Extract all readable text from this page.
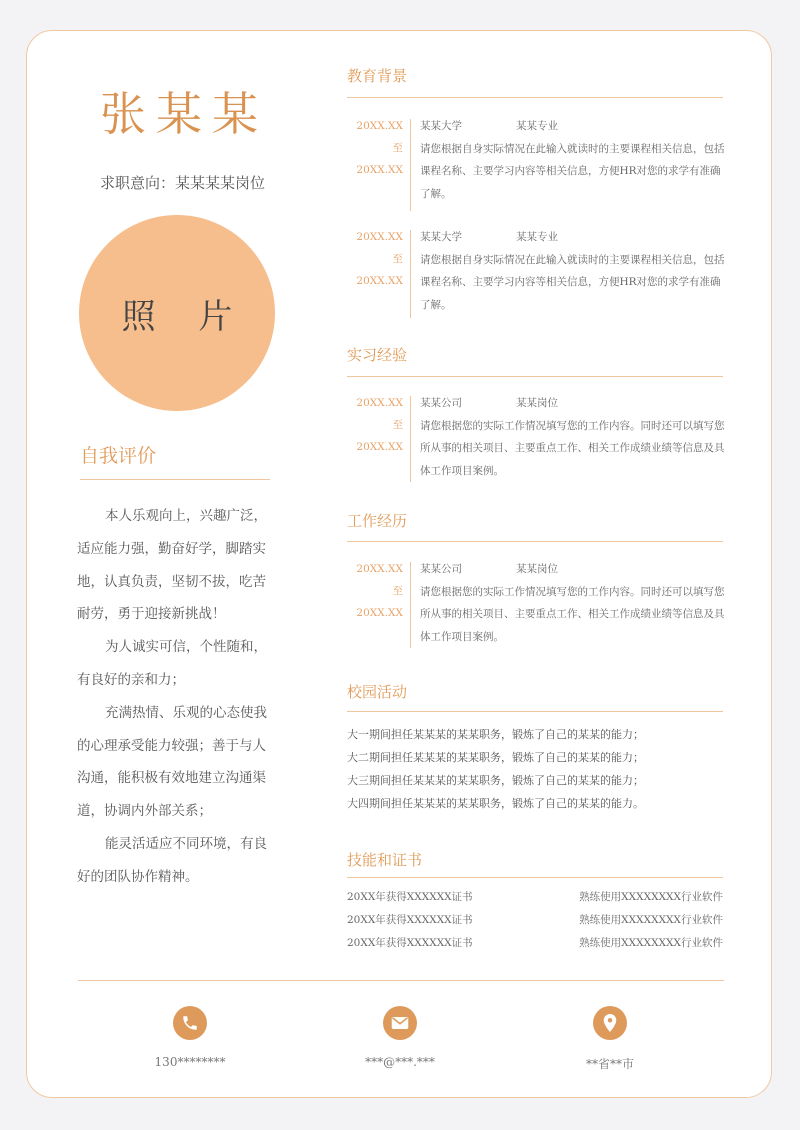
张某某
求职意向：某某某某岗位
照 片
自我评价

本人乐观向上，兴趣广泛，适应能力强，勤奋好学，脚踏实地，认真负责，坚韧不拔，吃苦耐劳，勇于迎接新挑战！

为人诚实可信，个性随和，有良好的亲和力；

充满热情、乐观的心态使我的心理承受能力较强；善于与人沟通，能积极有效地建立沟通渠道，协调内外部关系；

能灵活适应不同环境，有良好的团队协作精神。

教育背景
20XX.XX
至20XX.XX
某某大学	某某专业
请您根据自身实际情况在此输入就读时的主要课程相关信息，包括课程名称、主要学习内容等相关信息，方便HR对您的求学有准确了解。
20XX.XX
至20XX.XX
某某大学	某某专业
请您根据自身实际情况在此输入就读时的主要课程相关信息，包括课程名称、主要学习内容等相关信息，方便HR对您的求学有准确了解。
实习经验
20XX.XX
至20XX.XX
某某公司	某某岗位
请您根据您的实际工作情况填写您的工作内容。同时还可以填写您所从事的相关项目、主要重点工作、相关工作成绩业绩等信息及具体工作项目案例。
工作经历
20XX.XX
至20XX.XX
某某公司	某某岗位
请您根据您的实际工作情况填写您的工作内容。同时还可以填写您所从事的相关项目、主要重点工作、相关工作成绩业绩等信息及具体工作项目案例。
校园活动
大一期间担任某某某的某某职务，锻炼了自己的某某的能力；
大二期间担任某某某的某某职务，锻炼了自己的某某的能力；
大三期间担任某某某的某某职务，锻炼了自己的某某的能力；
大四期间担任某某某的某某职务，锻炼了自己的某某的能力。
技能和证书
20XX年获得XXXXXX证书	熟练使用XXXXXXXX行业软件
20XX年获得XXXXXX证书	熟练使用XXXXXXXX行业软件
20XX年获得XXXXXX证书	熟练使用XXXXXXXX行业软件
130********	***@***.***	**省**市
